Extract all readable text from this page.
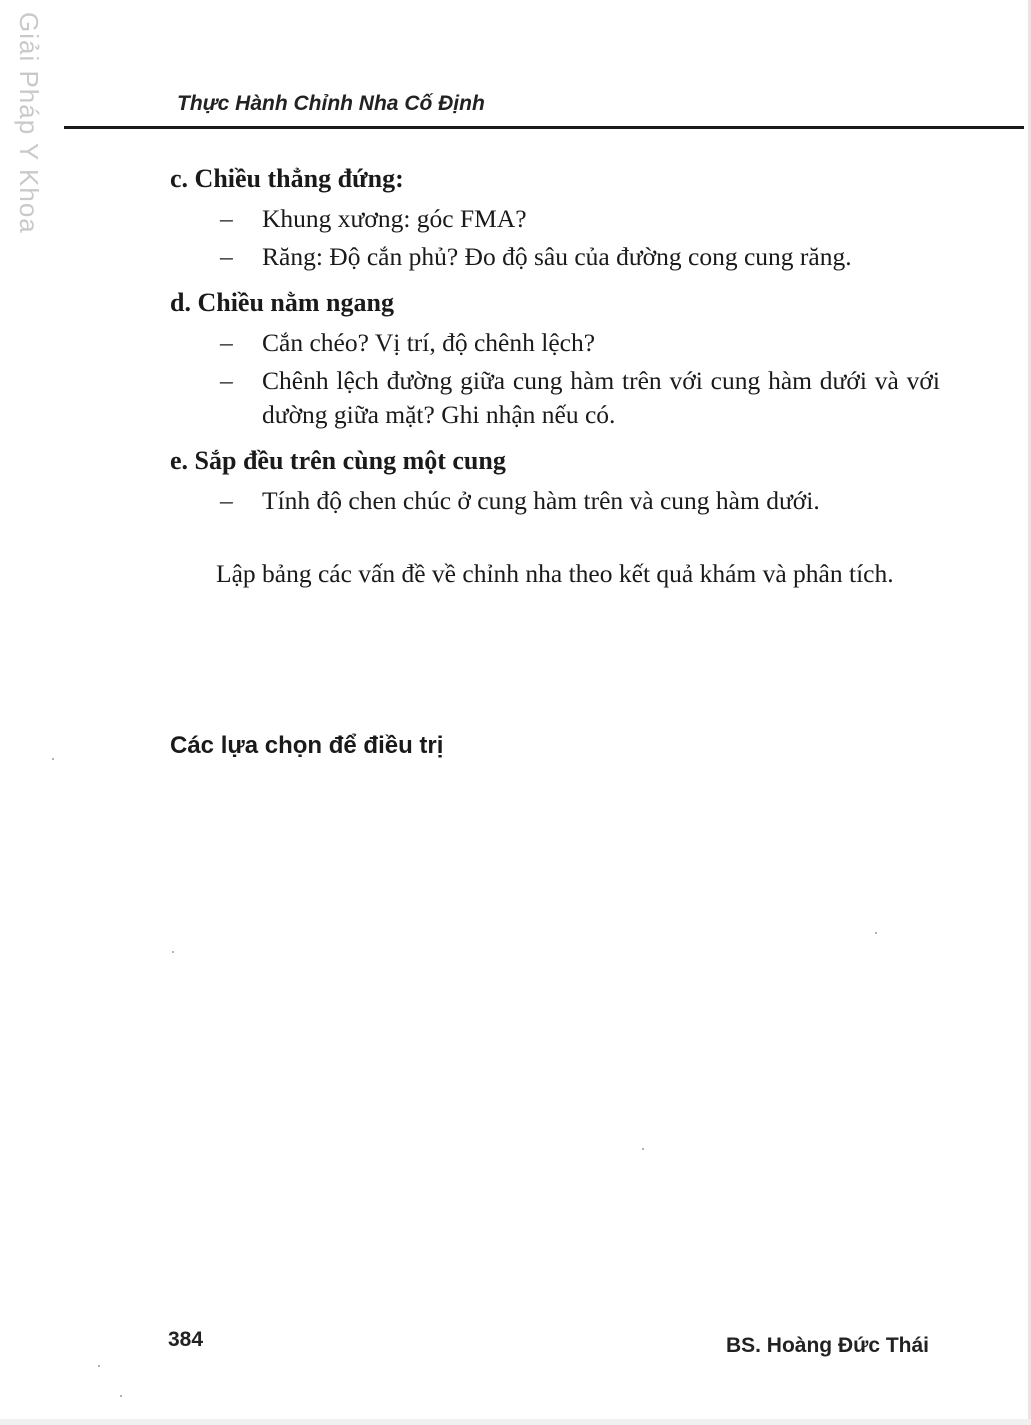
Giải Pháp Y Khoa	Thực Hành Chỉnh Nha Cố Định
c. Chiều thẳng đứng:
– Khung xương: góc FMA?
– Răng: Độ cắn phủ? Đo độ sâu của đường cong cung răng.
d. Chiều nằm ngang
– Cắn chéo? Vị trí, độ chênh lệch?
– Chênh lệch đường giữa cung hàm trên với cung hàm dưới và với dường giữa mặt? Ghi nhận nếu có.
e. Sắp đều trên cùng một cung
– Tính độ chen chúc ở cung hàm trên và cung hàm dưới.

Lập bảng các vấn đề về chỉnh nha theo kết quả khám và phân tích.

Các lựa chọn để điều trị
384	BS. Hoàng Đức Thái
